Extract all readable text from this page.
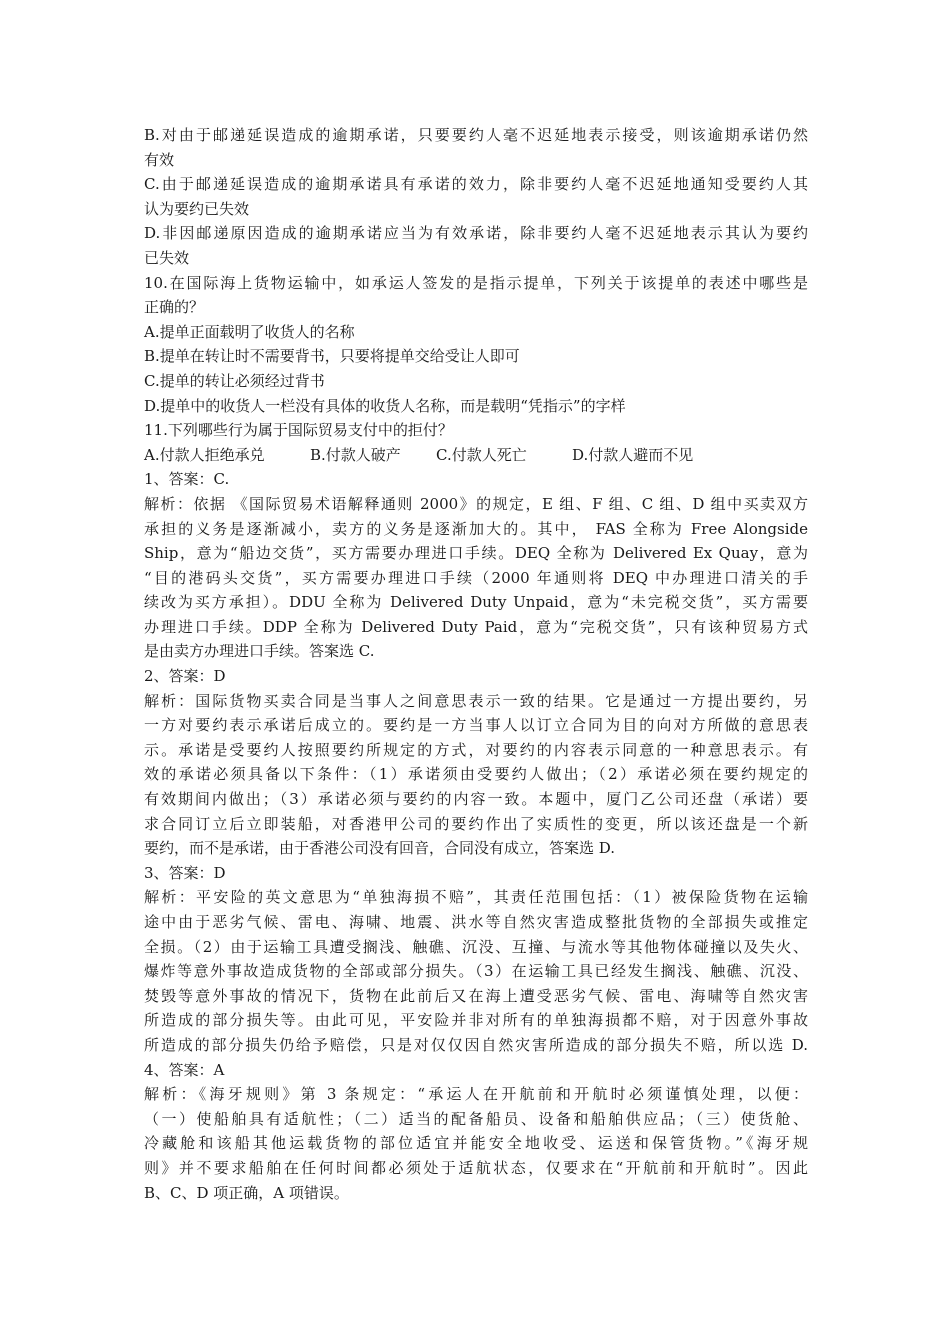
B.对由于邮递延误造成的逾期承诺，只要要约人毫不迟延地表示接受，则该逾期承诺仍然

有效

C.由于邮递延误造成的逾期承诺具有承诺的效力，除非要约人毫不迟延地通知受要约人其

认为要约已失效

D.非因邮递原因造成的逾期承诺应当为有效承诺，除非要约人毫不迟延地表示其认为要约

已失效

10.在国际海上货物运输中，如承运人签发的是指示提单，下列关于该提单的表述中哪些是

正确的？

A.提单正面载明了收货人的名称

B.提单在转让时不需要背书，只要将提单交给受让人即可

C.提单的转让必须经过背书

D.提单中的收货人一栏没有具体的收货人名称，而是载明“凭指示”的字样

11.下列哪些行为属于国际贸易支付中的拒付？

A.付款人拒绝承兑	B.付款人破产 C.付款人死亡	D.付款人避而不见

1、答案：C.

解析：依据 《国际贸易术语解释通则 2000》的规定，E 组、F 组、C 组、D 组中买卖双方

承担的义务是逐渐减小，卖方的义务是逐渐加大的。其中， FAS 全称为 Free Alongside

Ship，意为“船边交货”，买方需要办理进口手续。DEQ 全称为 Delivered Ex Quay，意为

“目的港码头交货”，买方需要办理进口手续（2000 年通则将 DEQ 中办理进口清关的手

续改为买方承担）。DDU 全称为 Delivered Duty Unpaid，意为“未完税交货”，买方需要

办理进口手续。DDP 全称为 Delivered Duty Paid，意为“完税交货”，只有该种贸易方式

是由卖方办理进口手续。答案选 C.

2、答案：D

解析：国际货物买卖合同是当事人之间意思表示一致的结果。它是通过一方提出要约，另

一方对要约表示承诺后成立的。要约是一方当事人以订立合同为目的向对方所做的意思表

示。承诺是受要约人按照要约所规定的方式，对要约的内容表示同意的一种意思表示。有

效的承诺必须具备以下条件：（1）承诺须由受要约人做出；（2）承诺必须在要约规定的

有效期间内做出；（3）承诺必须与要约的内容一致。本题中，厦门乙公司还盘（承诺）要

求合同订立后立即装船，对香港甲公司的要约作出了实质性的变更，所以该还盘是一个新

要约，而不是承诺，由于香港公司没有回音，合同没有成立，答案选 D.

3、答案：D

解析：平安险的英文意思为“单独海损不赔”，其责任范围包括：（1）被保险货物在运输

途中由于恶劣气候、雷电、海啸、地震、洪水等自然灾害造成整批货物的全部损失或推定

全损。（2）由于运输工具遭受搁浅、触礁、沉没、互撞、与流水等其他物体碰撞以及失火、

爆炸等意外事故造成货物的全部或部分损失。（3）在运输工具已经发生搁浅、触礁、沉没、

焚毁等意外事故的情况下，货物在此前后又在海上遭受恶劣气候、雷电、海啸等自然灾害

所造成的部分损失等。由此可见，平安险并非对所有的单独海损都不赔，对于因意外事故

所造成的部分损失仍给予赔偿，只是对仅仅因自然灾害所造成的部分损失不赔，所以选 D.

4、答案：A

解析：《海牙规则》第 3 条规定：“承运人在开航前和开航时必须谨慎处理，以便：

（一）使船舶具有适航性；（二）适当的配备船员、设备和船舶供应品；（三）使货舱、

冷藏舱和该船其他运载货物的部位适宜并能安全地收受、运送和保管货物。”《海牙规

则》并不要求船舶在任何时间都必须处于适航状态，仅要求在“开航前和开航时”。因此

B、C、D 项正确，A 项错误。
